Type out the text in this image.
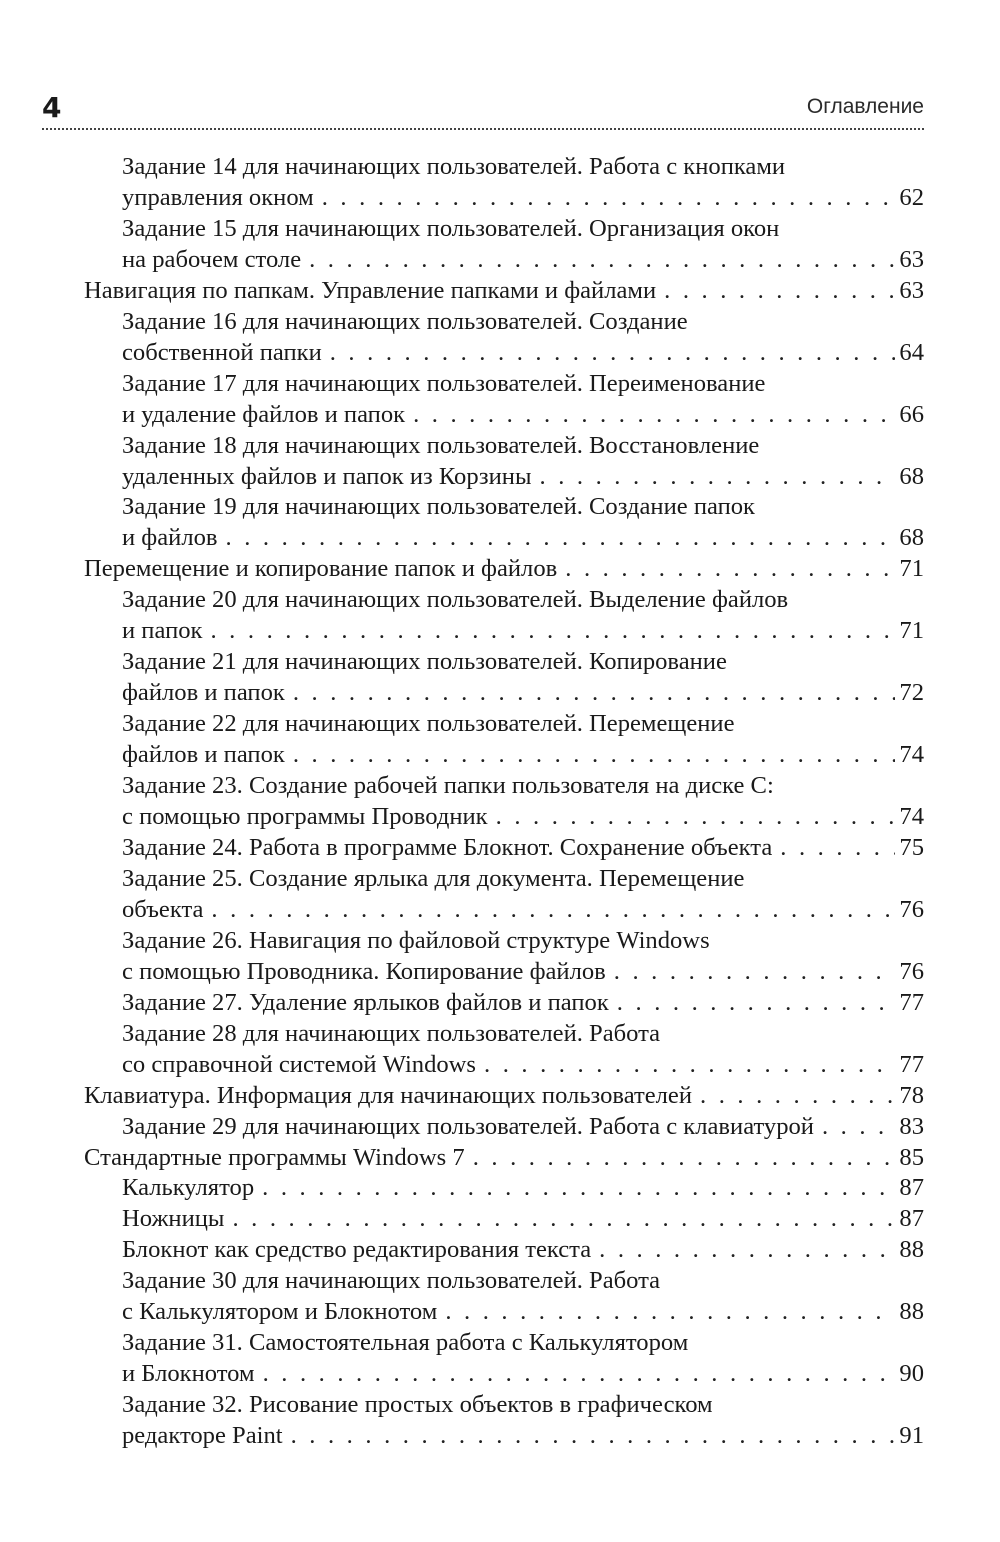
4	Оглавление
Задание 14 для начинающих пользователей. Работа с кнопками
управления окном . . .	62
Задание 15 для начинающих пользователей. Организация окон
на рабочем столе . . .	63
Навигация по папкам. Управление папками и файлами . . .	63
Задание 16 для начинающих пользователей. Создание
собственной папки . . .	64
Задание 17 для начинающих пользователей. Переименование
и удаление файлов и папок . . .	66
Задание 18 для начинающих пользователей. Восстановление
удаленных файлов и папок из Корзины . . .	68
Задание 19 для начинающих пользователей. Создание папок
и файлов . . .	68
Перемещение и копирование папок и файлов . . .	71
Задание 20 для начинающих пользователей. Выделение файлов
и папок . . .	71
Задание 21 для начинающих пользователей. Копирование
файлов и папок . . .	72
Задание 22 для начинающих пользователей. Перемещение
файлов и папок . . .	74
Задание 23. Создание рабочей папки пользователя на диске С:
с помощью программы Проводник . . .	74
Задание 24. Работа в программе Блокнот. Сохранение объекта . . .	75
Задание 25. Создание ярлыка для документа. Перемещение
объекта . . .	76
Задание 26. Навигация по файловой структуре Windows
с помощью Проводника. Копирование файлов . . .	76
Задание 27. Удаление ярлыков файлов и папок . . .	77
Задание 28 для начинающих пользователей. Работа
со справочной системой Windows . . .	77
Клавиатура. Информация для начинающих пользователей . . .	78
Задание 29 для начинающих пользователей. Работа с клавиатурой . . .	83
Стандартные программы Windows 7 . . .	85
Калькулятор . . .	87
Ножницы . . .	87
Блокнот как средство редактирования текста . . .	88
Задание 30 для начинающих пользователей. Работа
с Калькулятором и Блокнотом . . .	88
Задание 31. Самостоятельная работа с Калькулятором
и Блокнотом . . .	90
Задание 32. Рисование простых объектов в графическом
редакторе Paint . . .	91
